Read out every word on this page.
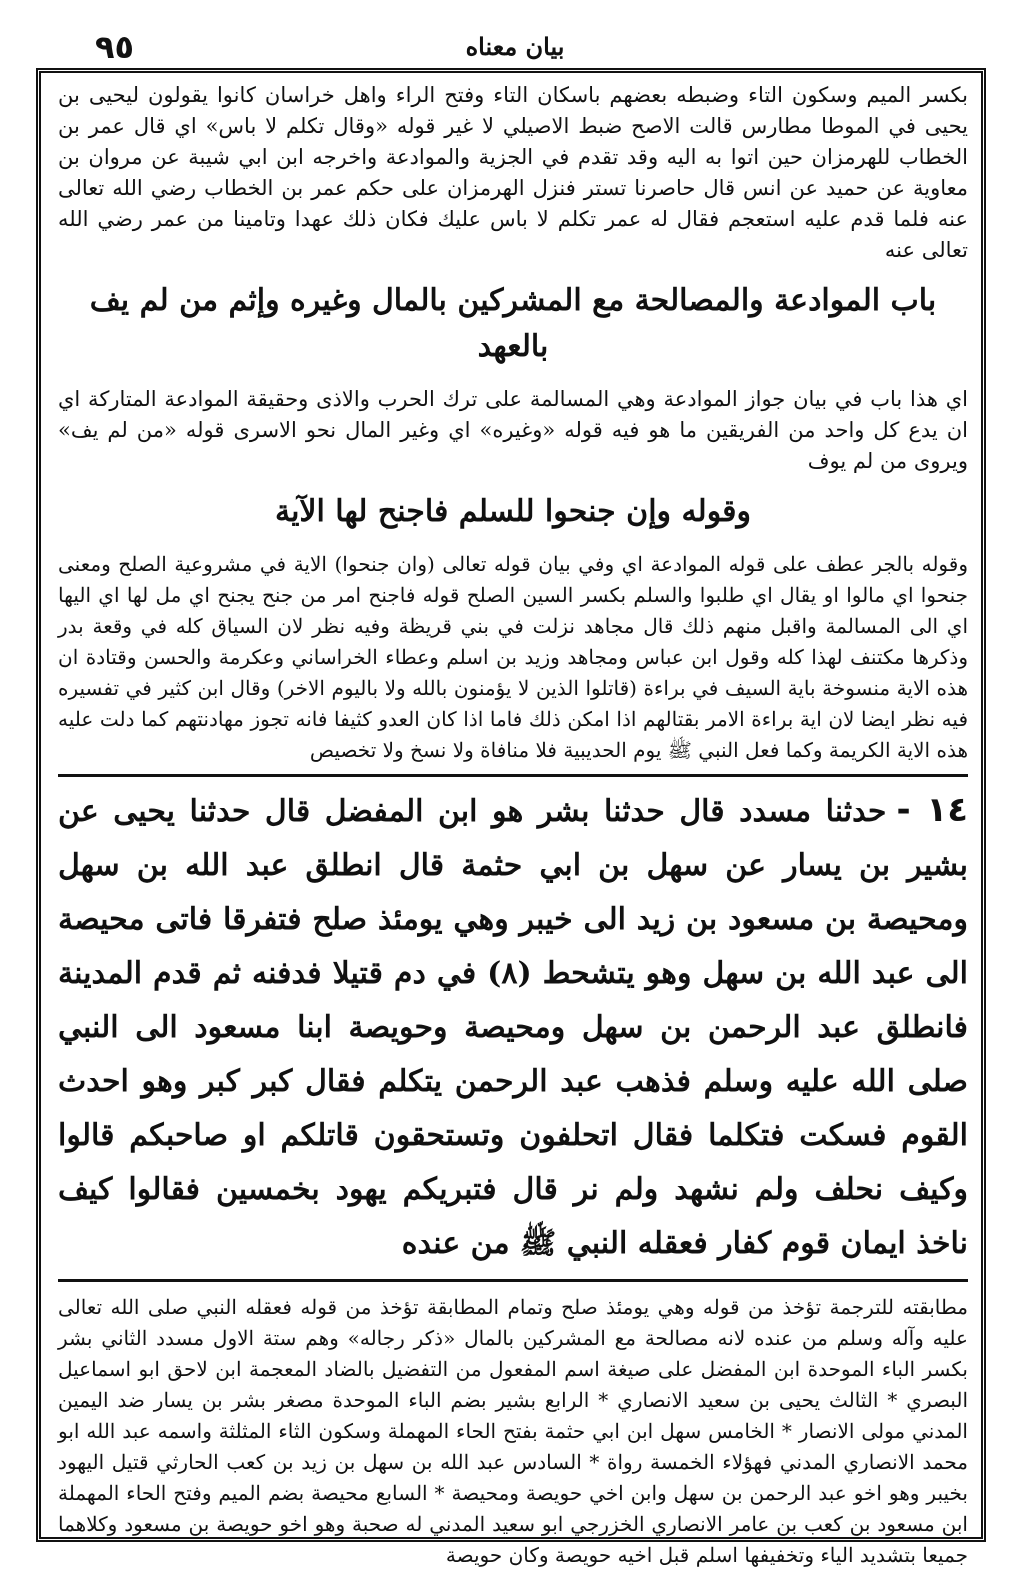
٩٥	بيان معناه

بكسر الميم وسكون التاء وضبطه بعضهم باسكان التاء وفتح الراء واهل خراسان كانوا يقولون ليحيى بن يحيى في الموطا مطارس قالت الاصح ضبط الاصيلي لا غير قوله «وقال تكلم لا باس» اي قال عمر بن الخطاب للهرمزان حين اتوا به اليه وقد تقدم في الجزية والموادعة واخرجه ابن ابي شيبة عن مروان بن معاوية عن حميد عن انس قال حاصرنا تستر فنزل الهرمزان على حكم عمر بن الخطاب رضي الله تعالى عنه فلما قدم عليه استعجم فقال له عمر تكلم لا باس عليك فكان ذلك عهدا وتامينا من عمر رضي الله تعالى عنه

باب الموادعة والمصالحة مع المشركين بالمال وغيره وإثم من لم يف بالعهد

اي هذا باب في بيان جواز الموادعة وهي المسالمة على ترك الحرب والاذى وحقيقة الموادعة المتاركة اي ان يدع كل واحد من الفريقين ما هو فيه قوله «وغيره» اي وغير المال نحو الاسرى قوله «من لم يف» ويروى من لم يوف

وقوله وإن جنحوا للسلم فاجنح لها الآية

وقوله بالجر عطف على قوله الموادعة اي وفي بيان قوله تعالى (وان جنحوا) الاية في مشروعية الصلح ومعنى جنحوا اي مالوا او يقال اي طلبوا والسلم بكسر السين الصلح قوله فاجنح امر من جنح يجنح اي مل لها اي اليها اي الى المسالمة واقبل منهم ذلك قال مجاهد نزلت في بني قريظة وفيه نظر لان السياق كله في وقعة بدر وذكرها مكتنف لهذا كله وقول ابن عباس ومجاهد وزيد بن اسلم وعطاء الخراساني وعكرمة والحسن وقتادة ان هذه الاية منسوخة باية السيف في براءة (قاتلوا الذين لا يؤمنون بالله ولا باليوم الاخر) وقال ابن كثير في تفسيره فيه نظر ايضا لان اية براءة الامر بقتالهم اذا امكن ذلك فاما اذا كان العدو كثيفا فانه تجوز مهادنتهم كما دلت عليه هذه الاية الكريمة وكما فعل النبي ﷺ يوم الحديبية فلا منافاة ولا نسخ ولا تخصيص

١٤ -حدثنا مسدد قال حدثنا بشر هو ابن المفضل قال حدثنا يحيى عن بشير بن يسار عن سهل بن ابي حثمة قال انطلق عبد الله بن سهل ومحيصة بن مسعود بن زيد الى خيبر وهي يومئذ صلح فتفرقا فاتى محيصة الى عبد الله بن سهل وهو يتشحط (٨) في دم قتيلا فدفنه ثم قدم المدينة فانطلق عبد الرحمن بن سهل ومحيصة وحويصة ابنا مسعود الى النبي صلى الله عليه وسلم فذهب عبد الرحمن يتكلم فقال كبر كبر وهو احدث القوم فسكت فتكلما فقال اتحلفون وتستحقون قاتلكم او صاحبكم قالوا وكيف نحلف ولم نشهد ولم نر قال فتبريكم يهود بخمسين فقالوا كيف ناخذ ايمان قوم كفار فعقله النبي ﷺ من عنده

مطابقته للترجمة تؤخذ من قوله وهي يومئذ صلح وتمام المطابقة تؤخذ من قوله فعقله النبي صلى الله تعالى عليه وآله وسلم من عنده لانه مصالحة مع المشركين بالمال «ذكر رجاله» وهم ستة الاول مسدد الثاني بشر بكسر الباء الموحدة ابن المفضل على صيغة اسم المفعول من التفضيل بالضاد المعجمة ابن لاحق ابو اسماعيل البصري * الثالث يحيى بن سعيد الانصاري * الرابع بشير بضم الباء الموحدة مصغر بشر بن يسار ضد اليمين المدني مولى الانصار * الخامس سهل ابن ابي حثمة بفتح الحاء المهملة وسكون الثاء المثلثة واسمه عبد الله ابو محمد الانصاري المدني فهؤلاء الخمسة رواة * السادس عبد الله بن سهل بن زيد بن كعب الحارثي قتيل اليهود بخيبر وهو اخو عبد الرحمن بن سهل وابن اخي حويصة ومحيصة * السابع محيصة بضم الميم وفتح الحاء المهملة ابن مسعود بن كعب بن عامر الانصاري الخزرجي ابو سعيد المدني له صحبة وهو اخو حويصة بن مسعود وكلاهما جميعا بتشديد الياء وتخفيفها اسلم قبل اخيه حويصة وكان حويصة
